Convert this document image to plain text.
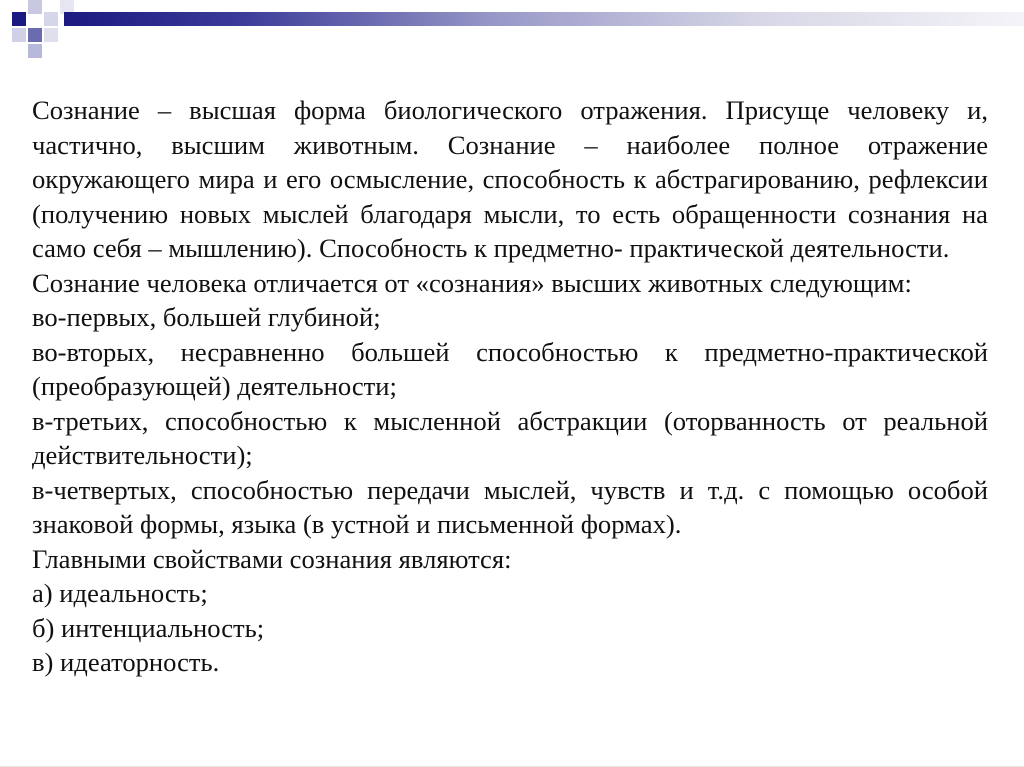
Сознание – высшая форма биологического отражения. Присуще человеку и, частично, высшим животным. Сознание – наиболее полное отражение окружающего мира и его осмысление, способность к абстрагированию, рефлексии (получению новых мыслей благодаря мысли, то есть обращенности сознания на само себя – мышлению). Способность к предметно- практической деятельности.

Сознание человека отличается от «сознания» высших животных следующим:

во-первых, большей глубиной;

во-вторых, несравненно большей способностью к предметно-практической (преобразующей) деятельности;

в-третьих, способностью к мысленной абстракции (оторванность от реальной действительности);

в-четвертых, способностью передачи мыслей, чувств и т.д. с помощью особой знаковой формы, языка (в устной и письменной формах).

Главными свойствами сознания являются:

а) идеальность;

б) интенциальность;

в) идеаторность.
